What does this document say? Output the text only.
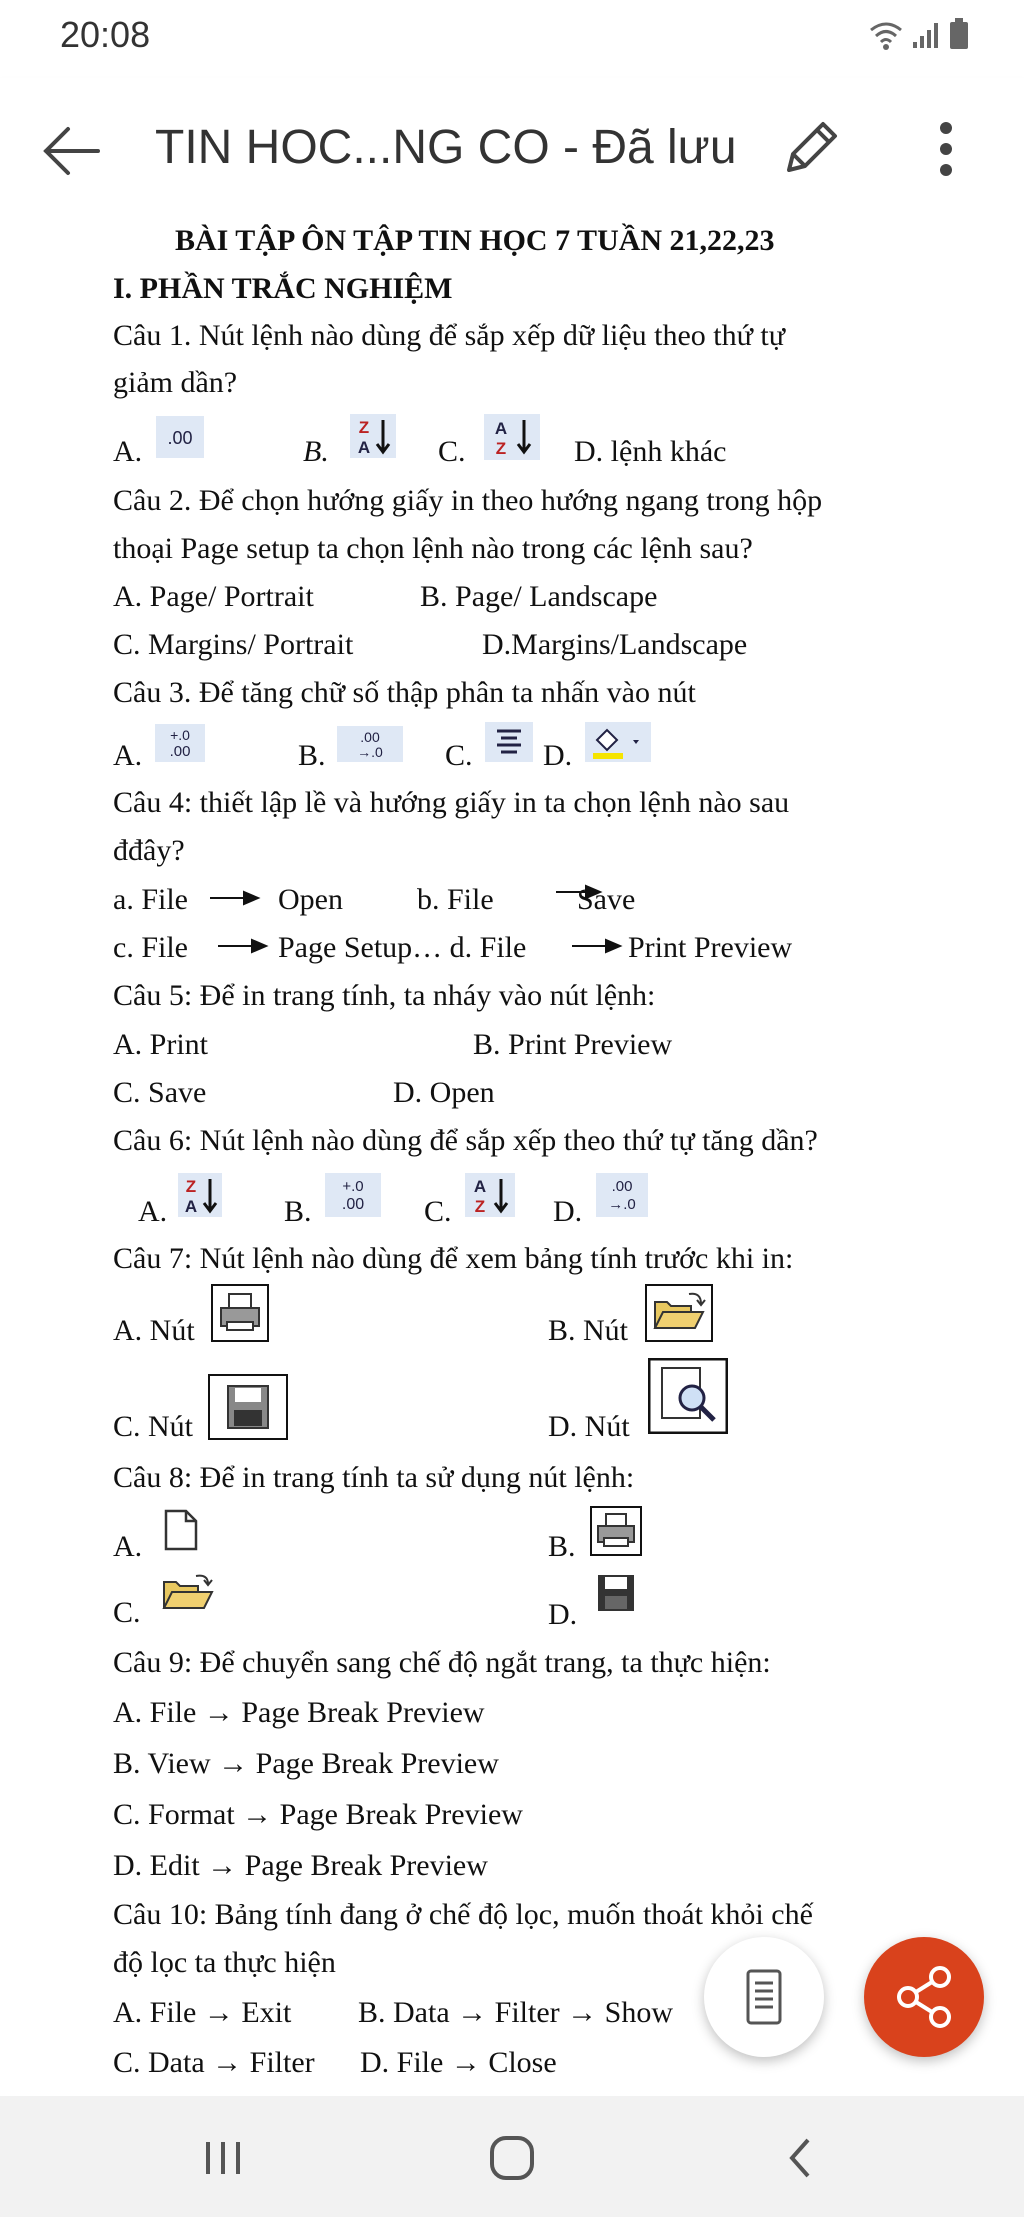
20:08
TIN HOC...NG CO - Đã lưu
BÀI TẬP ÔN TẬP TIN HỌC 7 TUẦN 21,22,23
I. PHẦN TRẮC NGHIỆM
Câu 1. Nút lệnh nào dùng để sắp xếp dữ liệu theo thứ tự
giảm dần?
A. .00	B.
Z
A C.
A
Z D. lệnh khác
Câu 2. Để chọn hướng giấy in theo hướng ngang trong hộp
thoại Page setup ta chọn lệnh nào trong các lệnh sau?
A. Page/ Portrait	B. Page/ Landscape
C. Margins/ Portrait	D.Margins/Landscape
Câu 3. Để tăng chữ số thập phân ta nhấn vào nút
A.
+.0
.00	B.
.00
→.0 C. D.
Câu 4: thiết lập lề và hướng giấy in ta chọn lệnh nào sau
đđây?
a. File	Open b. File	Save
c. File	Page Setup… d. File	Print Preview
Câu 5: Để in trang tính, ta nháy vào nút lệnh:
A. Print	B. Print Preview
C. Save	D. Open
Câu 6: Nút lệnh nào dùng để sắp xếp theo thứ tự tăng dần?
A.
Z
A	B.
+.0
.00 C.
A
Z D.
.00
→.0
Câu 7: Nút lệnh nào dùng để xem bảng tính trước khi in:
A. Nút	B. Nút
C. Nút	D. Nút
Câu 8: Để in trang tính ta sử dụng nút lệnh:
A.	B.
C.	D.
Câu 9: Để chuyển sang chế độ ngắt trang, ta thực hiện:
A. File → Page Break Preview
B. View → Page Break Preview
C. Format → Page Break Preview
D. Edit → Page Break Preview
Câu 10: Bảng tính đang ở chế độ lọc, muốn thoát khỏi chế
độ lọc ta thực hiện
A. File → Exit B. Data → Filter → Show
C. Data → Filter D. File → Close
